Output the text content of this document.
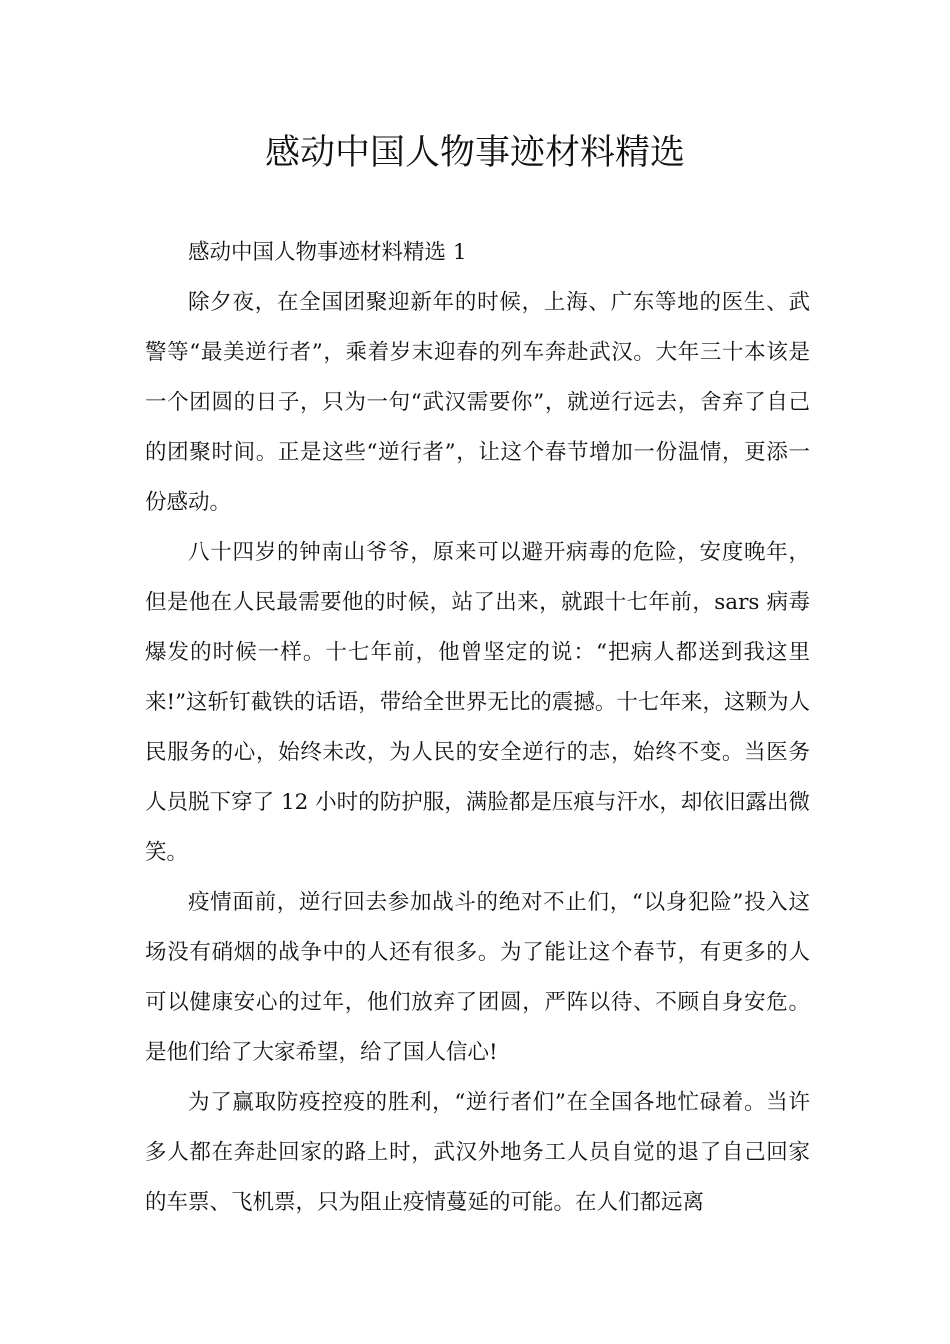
感动中国人物事迹材料精选

感动中国人物事迹材料精选 1

除夕夜，在全国团聚迎新年的时候，上海、广东等地的医生、武警等“最美逆行者”，乘着岁末迎春的列车奔赴武汉。大年三十本该是一个团圆的日子，只为一句“武汉需要你”，就逆行远去，舍弃了自己的团聚时间。正是这些“逆行者”，让这个春节增加一份温情，更添一份感动。

八十四岁的钟南山爷爷，原来可以避开病毒的危险，安度晚年，但是他在人民最需要他的时候，站了出来，就跟十七年前，sars 病毒爆发的时候一样。十七年前，他曾坚定的说：“把病人都送到我这里来!”这斩钉截铁的话语，带给全世界无比的震撼。十七年来，这颗为人民服务的心，始终未改，为人民的安全逆行的志，始终不变。当医务人员脱下穿了 12 小时的防护服，满脸都是压痕与汗水，却依旧露出微笑。

疫情面前，逆行回去参加战斗的绝对不止们，“以身犯险”投入这场没有硝烟的战争中的人还有很多。为了能让这个春节，有更多的人可以健康安心的过年，他们放弃了团圆，严阵以待、不顾自身安危。是他们给了大家希望，给了国人信心!

为了赢取防疫控疫的胜利，“逆行者们”在全国各地忙碌着。当许多人都在奔赴回家的路上时，武汉外地务工人员自觉的退了自己回家的车票、飞机票，只为阻止疫情蔓延的可能。在人们都远离
